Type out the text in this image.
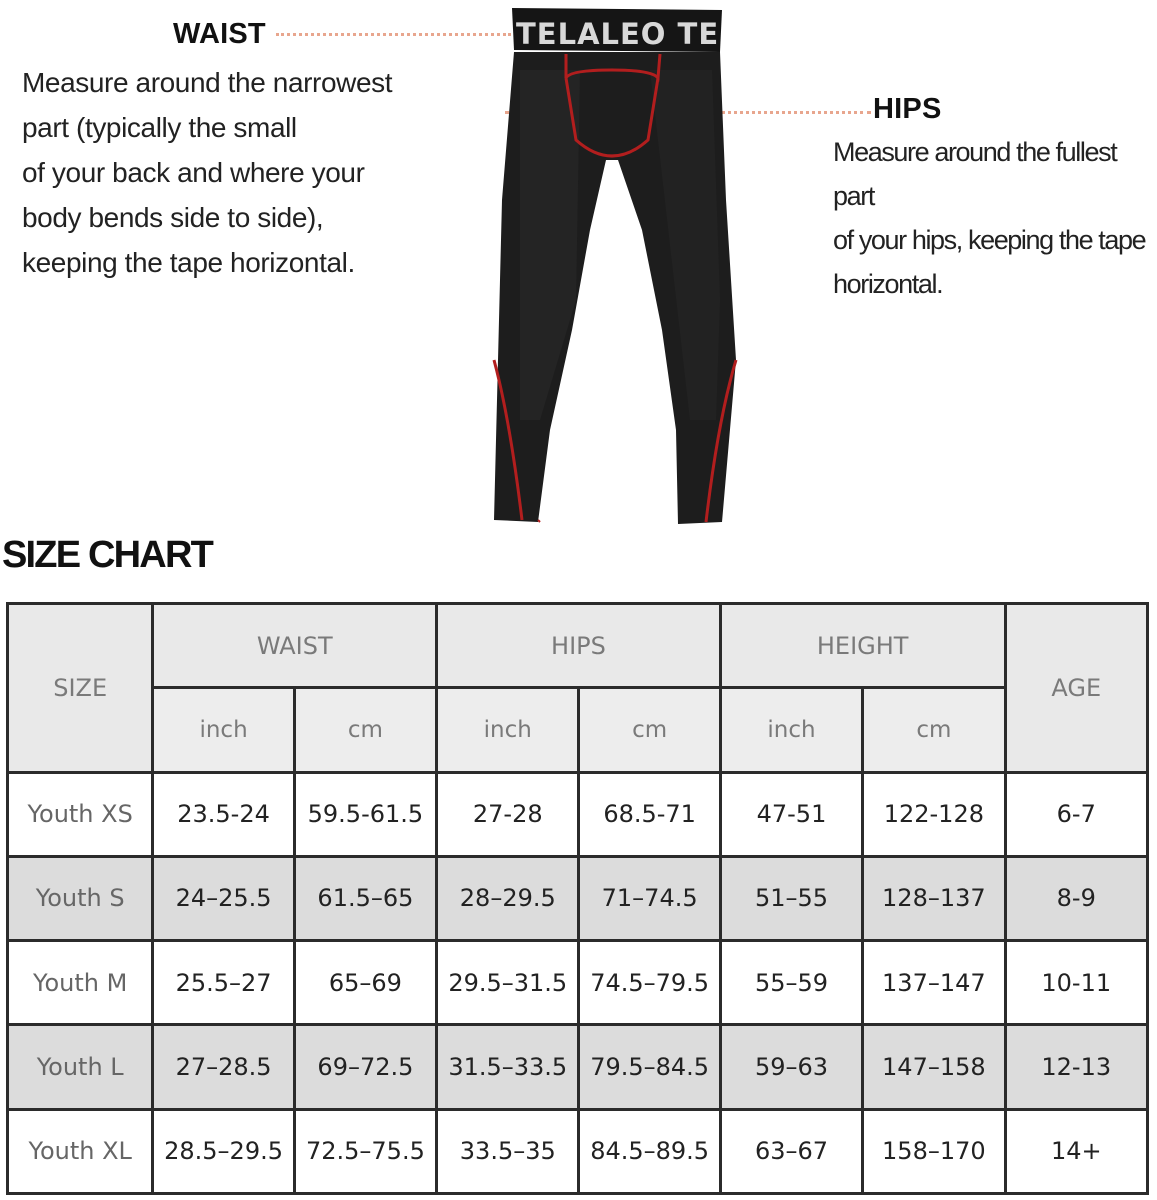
WAIST
Measure around the narrowest
part (typically the small
of your back and where your
body bends side to side),
keeping the tape horizontal.
HIPS
Measure around the fullest part
of your hips, keeping the tape
horizontal.
TELALEO TE
SIZE CHART
SIZE	WAIST		HIPS		HEIGHT		AGE
	inch	cm	inch	cm	inch	cm	
Youth XS	23.5-24	59.5-61.5	27-28	68.5-71	47-51	122-128	6-7
Youth S	24–25.5	61.5–65	28–29.5	71–74.5	51–55	128–137	8-9
Youth M	25.5–27	65–69	29.5–31.5	74.5–79.5	55–59	137–147	10-11
Youth L	27–28.5	69–72.5	31.5–33.5	79.5–84.5	59–63	147–158	12-13
Youth XL	28.5–29.5	72.5–75.5	33.5–35	84.5–89.5	63–67	158–170	14+
